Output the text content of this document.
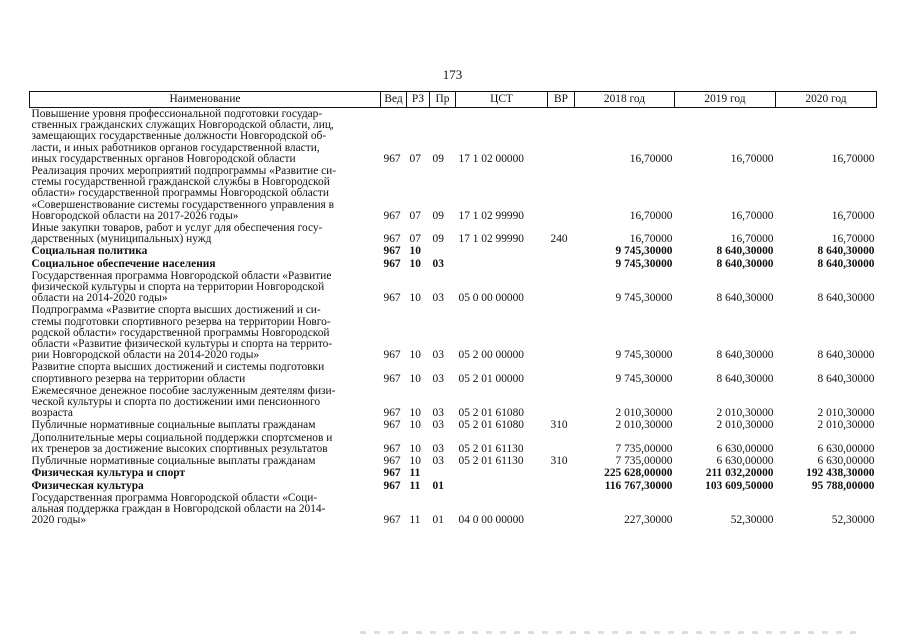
173
Наименование	Вед	РЗ	Пр	ЦСТ	ВР	2018 год	2019 год	2020 год
Повышение уровня профессиональной подготовки государ-
ственных гражданских служащих Новгородской области, лиц,
замещающих государственные должности Новгородской об-
ласти, и иных работников органов государственной власти,
иных государственных органов Новгородской области	967	07	09	17 1 02 00000		16,70000	16,70000	16,70000
Реализация прочих мероприятий подпрограммы «Развитие си-
стемы государственной гражданской службы в Новгородской
области» государственной программы Новгородской области
«Совершенствование системы государственного управления в
Новгородской области на 2017-2026 годы»	967	07	09	17 1 02 99990		16,70000	16,70000	16,70000
Иные закупки товаров, работ и услуг для обеспечения госу-
дарственных (муниципальных) нужд	967	07	09	17 1 02 99990	240	16,70000	16,70000	16,70000
Социальная политика	967	10				9 745,30000	8 640,30000	8 640,30000
Социальное обеспечение населения	967	10	03			9 745,30000	8 640,30000	8 640,30000
Государственная программа Новгородской области «Развитие
физической культуры и спорта на территории Новгородской
области на 2014-2020 годы»	967	10	03	05 0 00 00000		9 745,30000	8 640,30000	8 640,30000
Подпрограмма «Развитие спорта высших достижений и си-
стемы подготовки спортивного резерва на территории Новго-
родской области» государственной программы Новгородской
области «Развитие физической культуры и спорта на террито-
рии Новгородской области на 2014-2020 годы»	967	10	03	05 2 00 00000		9 745,30000	8 640,30000	8 640,30000
Развитие спорта высших достижений и системы подготовки
спортивного резерва на территории области	967	10	03	05 2 01 00000		9 745,30000	8 640,30000	8 640,30000
Ежемесячное денежное пособие заслуженным деятелям физи-
ческой культуры и спорта по достижении ими пенсионного
возраста	967	10	03	05 2 01 61080		2 010,30000	2 010,30000	2 010,30000
Публичные нормативные социальные выплаты гражданам	967	10	03	05 2 01 61080	310	2 010,30000	2 010,30000	2 010,30000
Дополнительные меры социальной поддержки спортсменов и
их тренеров за достижение высоких спортивных результатов	967	10	03	05 2 01 61130		7 735,00000	6 630,00000	6 630,00000
Публичные нормативные социальные выплаты гражданам	967	10	03	05 2 01 61130	310	7 735,00000	6 630,00000	6 630,00000
Физическая культура и спорт	967	11				225 628,00000	211 032,20000	192 438,30000
Физическая культура	967	11	01			116 767,30000	103 609,50000	95 788,00000
Государственная программа Новгородской области «Соци-
альная поддержка граждан в Новгородской области на 2014-
2020 годы»	967	11	01	04 0 00 00000		227,30000	52,30000	52,30000
